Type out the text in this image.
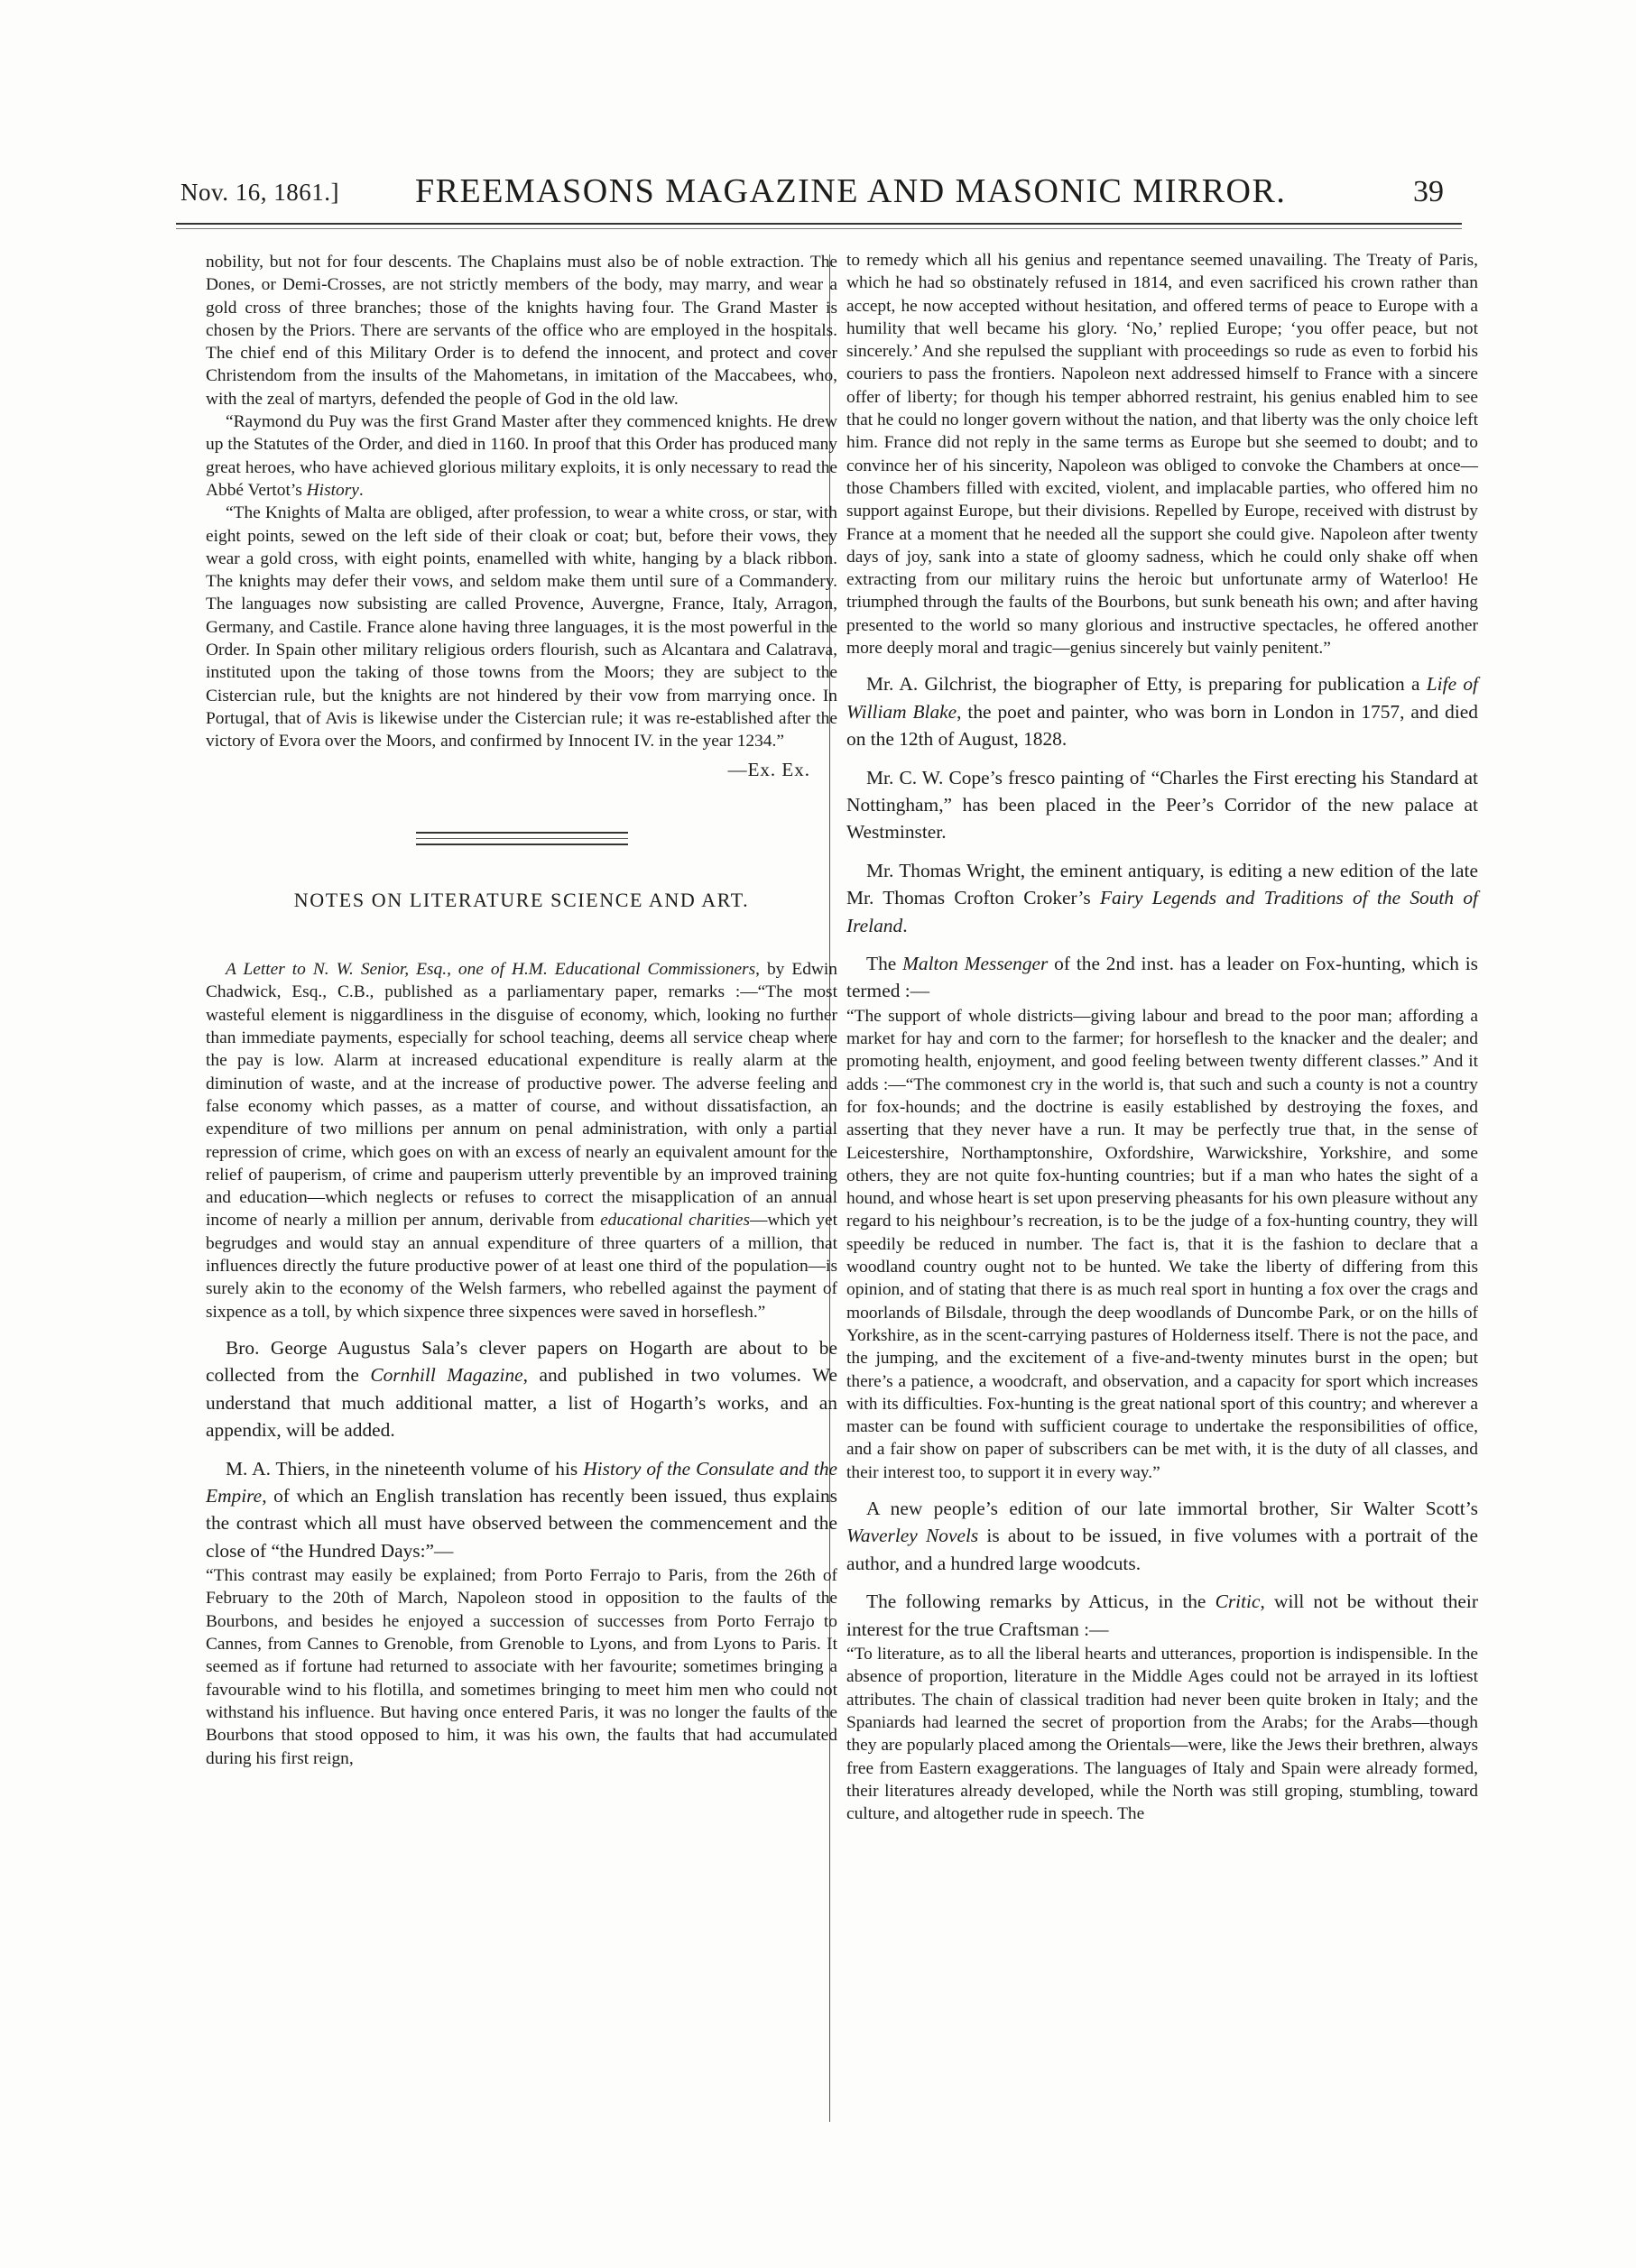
Nov. 16, 1861.] FREEMASONS MAGAZINE AND MASONIC MIRROR.	39

nobility, but not for four descents. The Chaplains must also be of noble extraction. The Dones, or Demi-Crosses, are not strictly members of the body, may marry, and wear a gold cross of three branches; those of the knights having four. The Grand Master is chosen by the Priors. There are servants of the office who are employed in the hospitals. The chief end of this Military Order is to defend the innocent, and protect and cover Christendom from the insults of the Mahometans, in imitation of the Maccabees, who, with the zeal of martyrs, defended the people of God in the old law.

“Raymond du Puy was the first Grand Master after they commenced knights. He drew up the Statutes of the Order, and died in 1160. In proof that this Order has produced many great heroes, who have achieved glorious military exploits, it is only necessary to read the Abbé Vertot’s History.

“The Knights of Malta are obliged, after profession, to wear a white cross, or star, with eight points, sewed on the left side of their cloak or coat; but, before their vows, they wear a gold cross, with eight points, enamelled with white, hanging by a black ribbon. The knights may defer their vows, and seldom make them until sure of a Commandery. The languages now subsisting are called Provence, Auvergne, France, Italy, Arragon, Germany, and Castile. France alone having three languages, it is the most powerful in the Order. In Spain other military religious orders flourish, such as Alcantara and Calatrava, instituted upon the taking of those towns from the Moors; they are subject to the Cistercian rule, but the knights are not hindered by their vow from marrying once. In Portugal, that of Avis is likewise under the Cistercian rule; it was re-established after the victory of Evora over the Moors, and confirmed by Innocent IV. in the year 1234.”

—Ex. Ex.
NOTES ON LITERATURE SCIENCE AND ART.

A Letter to N. W. Senior, Esq., one of H.M. Educational Commissioners, by Edwin Chadwick, Esq., C.B., published as a parliamentary paper, remarks :—“The most wasteful element is niggardliness in the disguise of economy, which, looking no further than immediate payments, especially for school teaching, deems all service cheap where the pay is low. Alarm at increased educational expenditure is really alarm at the diminution of waste, and at the increase of productive power. The adverse feeling and false economy which passes, as a matter of course, and without dissatisfaction, an expenditure of two millions per annum on penal administration, with only a partial repression of crime, which goes on with an excess of nearly an equivalent amount for the relief of pauperism, of crime and pauperism utterly preventible by an improved training and education—which neglects or refuses to correct the misapplication of an annual income of nearly a million per annum, derivable from educational charities—which yet begrudges and would stay an annual expenditure of three quarters of a million, that influences directly the future productive power of at least one third of the population—is surely akin to the economy of the Welsh farmers, who rebelled against the payment of sixpence as a toll, by which sixpence three sixpences were saved in horseflesh.”

Bro. George Augustus Sala’s clever papers on Hogarth are about to be collected from the Cornhill Magazine, and published in two volumes. We understand that much additional matter, a list of Hogarth’s works, and an appendix, will be added.

M. A. Thiers, in the nineteenth volume of his History of the Consulate and the Empire, of which an English translation has recently been issued, thus explains the contrast which all must have observed between the commencement and the close of “the Hundred Days:”—

“This contrast may easily be explained; from Porto Ferrajo to Paris, from the 26th of February to the 20th of March, Napoleon stood in opposition to the faults of the Bourbons, and besides he enjoyed a succession of successes from Porto Ferrajo to Cannes, from Cannes to Grenoble, from Grenoble to Lyons, and from Lyons to Paris. It seemed as if fortune had returned to associate with her favourite; sometimes bringing a favourable wind to his flotilla, and sometimes bringing to meet him men who could not withstand his influence. But having once entered Paris, it was no longer the faults of the Bourbons that stood opposed to him, it was his own, the faults that had accumulated during his first reign,

to remedy which all his genius and repentance seemed unavailing. The Treaty of Paris, which he had so obstinately refused in 1814, and even sacrificed his crown rather than accept, he now accepted without hesitation, and offered terms of peace to Europe with a humility that well became his glory. ‘No,’ replied Europe; ‘you offer peace, but not sincerely.’ And she repulsed the suppliant with proceedings so rude as even to forbid his couriers to pass the frontiers. Napoleon next addressed himself to France with a sincere offer of liberty; for though his temper abhorred restraint, his genius enabled him to see that he could no longer govern without the nation, and that liberty was the only choice left him. France did not reply in the same terms as Europe but she seemed to doubt; and to convince her of his sincerity, Napoleon was obliged to convoke the Chambers at once—those Chambers filled with excited, violent, and implacable parties, who offered him no support against Europe, but their divisions. Repelled by Europe, received with distrust by France at a moment that he needed all the support she could give. Napoleon after twenty days of joy, sank into a state of gloomy sadness, which he could only shake off when extracting from our military ruins the heroic but unfortunate army of Waterloo! He triumphed through the faults of the Bourbons, but sunk beneath his own; and after having presented to the world so many glorious and instructive spectacles, he offered another more deeply moral and tragic—genius sincerely but vainly penitent.”

Mr. A. Gilchrist, the biographer of Etty, is preparing for publication a Life of William Blake, the poet and painter, who was born in London in 1757, and died on the 12th of August, 1828.

Mr. C. W. Cope’s fresco painting of “Charles the First erecting his Standard at Nottingham,” has been placed in the Peer’s Corridor of the new palace at Westminster.

Mr. Thomas Wright, the eminent antiquary, is editing a new edition of the late Mr. Thomas Crofton Croker’s Fairy Legends and Traditions of the South of Ireland.

The Malton Messenger of the 2nd inst. has a leader on Fox-hunting, which is termed :—

“The support of whole districts—giving labour and bread to the poor man; affording a market for hay and corn to the farmer; for horseflesh to the knacker and the dealer; and promoting health, enjoyment, and good feeling between twenty different classes.” And it adds :—“The commonest cry in the world is, that such and such a county is not a country for fox-hounds; and the doctrine is easily established by destroying the foxes, and asserting that they never have a run. It may be perfectly true that, in the sense of Leicestershire, Northamptonshire, Oxfordshire, Warwickshire, Yorkshire, and some others, they are not quite fox-hunting countries; but if a man who hates the sight of a hound, and whose heart is set upon preserving pheasants for his own pleasure without any regard to his neighbour’s recreation, is to be the judge of a fox-hunting country, they will speedily be reduced in number. The fact is, that it is the fashion to declare that a woodland country ought not to be hunted. We take the liberty of differing from this opinion, and of stating that there is as much real sport in hunting a fox over the crags and moorlands of Bilsdale, through the deep woodlands of Duncombe Park, or on the hills of Yorkshire, as in the scent-carrying pastures of Holderness itself. There is not the pace, and the jumping, and the excitement of a five-and-twenty minutes burst in the open; but there’s a patience, a woodcraft, and observation, and a capacity for sport which increases with its difficulties. Fox-hunting is the great national sport of this country; and wherever a master can be found with sufficient courage to undertake the responsibilities of office, and a fair show on paper of subscribers can be met with, it is the duty of all classes, and their interest too, to support it in every way.”

A new people’s edition of our late immortal brother, Sir Walter Scott’s Waverley Novels is about to be issued, in five volumes with a portrait of the author, and a hundred large woodcuts.

The following remarks by Atticus, in the Critic, will not be without their interest for the true Craftsman :—

“To literature, as to all the liberal hearts and utterances, proportion is indispensible. In the absence of proportion, literature in the Middle Ages could not be arrayed in its loftiest attributes. The chain of classical tradition had never been quite broken in Italy; and the Spaniards had learned the secret of proportion from the Arabs; for the Arabs—though they are popularly placed among the Orientals—were, like the Jews their brethren, always free from Eastern exaggerations. The languages of Italy and Spain were already formed, their literatures already developed, while the North was still groping, stumbling, toward culture, and altogether rude in speech. The
